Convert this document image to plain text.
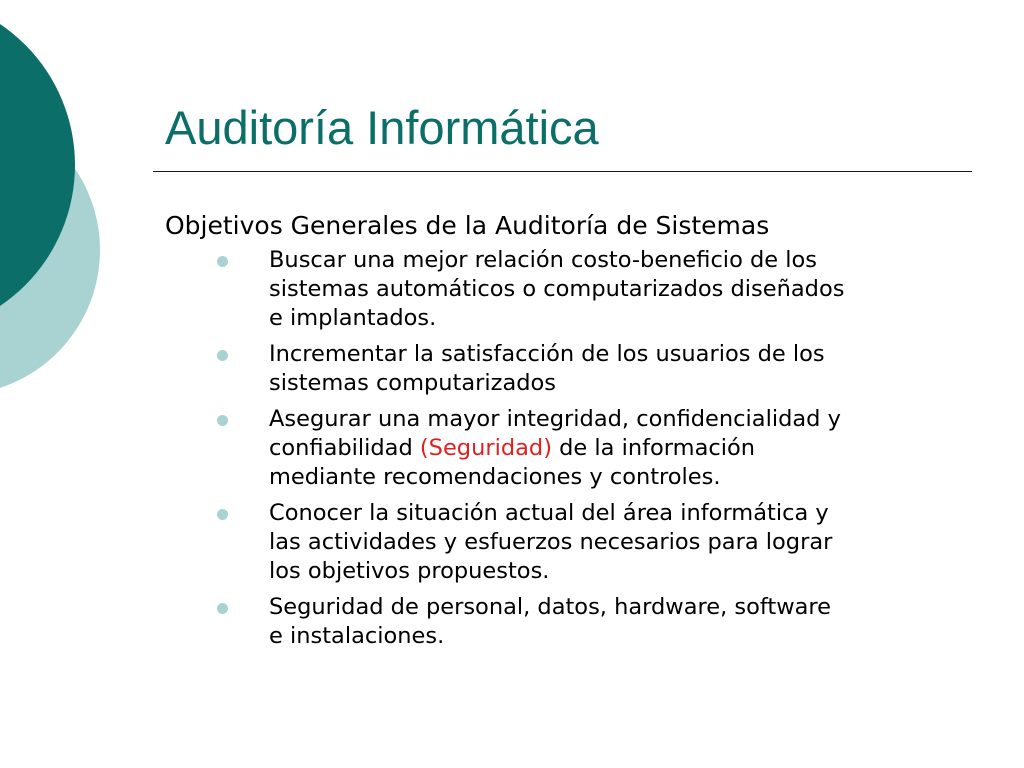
Auditoría Informática
Objetivos Generales de la Auditoría de Sistemas
Buscar una mejor relación costo-beneficio de los
sistemas automáticos o computarizados diseñados
e implantados.
Incrementar la satisfacción de los usuarios de los
sistemas computarizados
Asegurar una mayor integridad, confidencialidad y
confiabilidad (Seguridad) de la información
mediante recomendaciones y controles.
Conocer la situación actual del área informática y
las actividades y esfuerzos necesarios para lograr
los objetivos propuestos.
Seguridad de personal, datos, hardware, software
e instalaciones.
